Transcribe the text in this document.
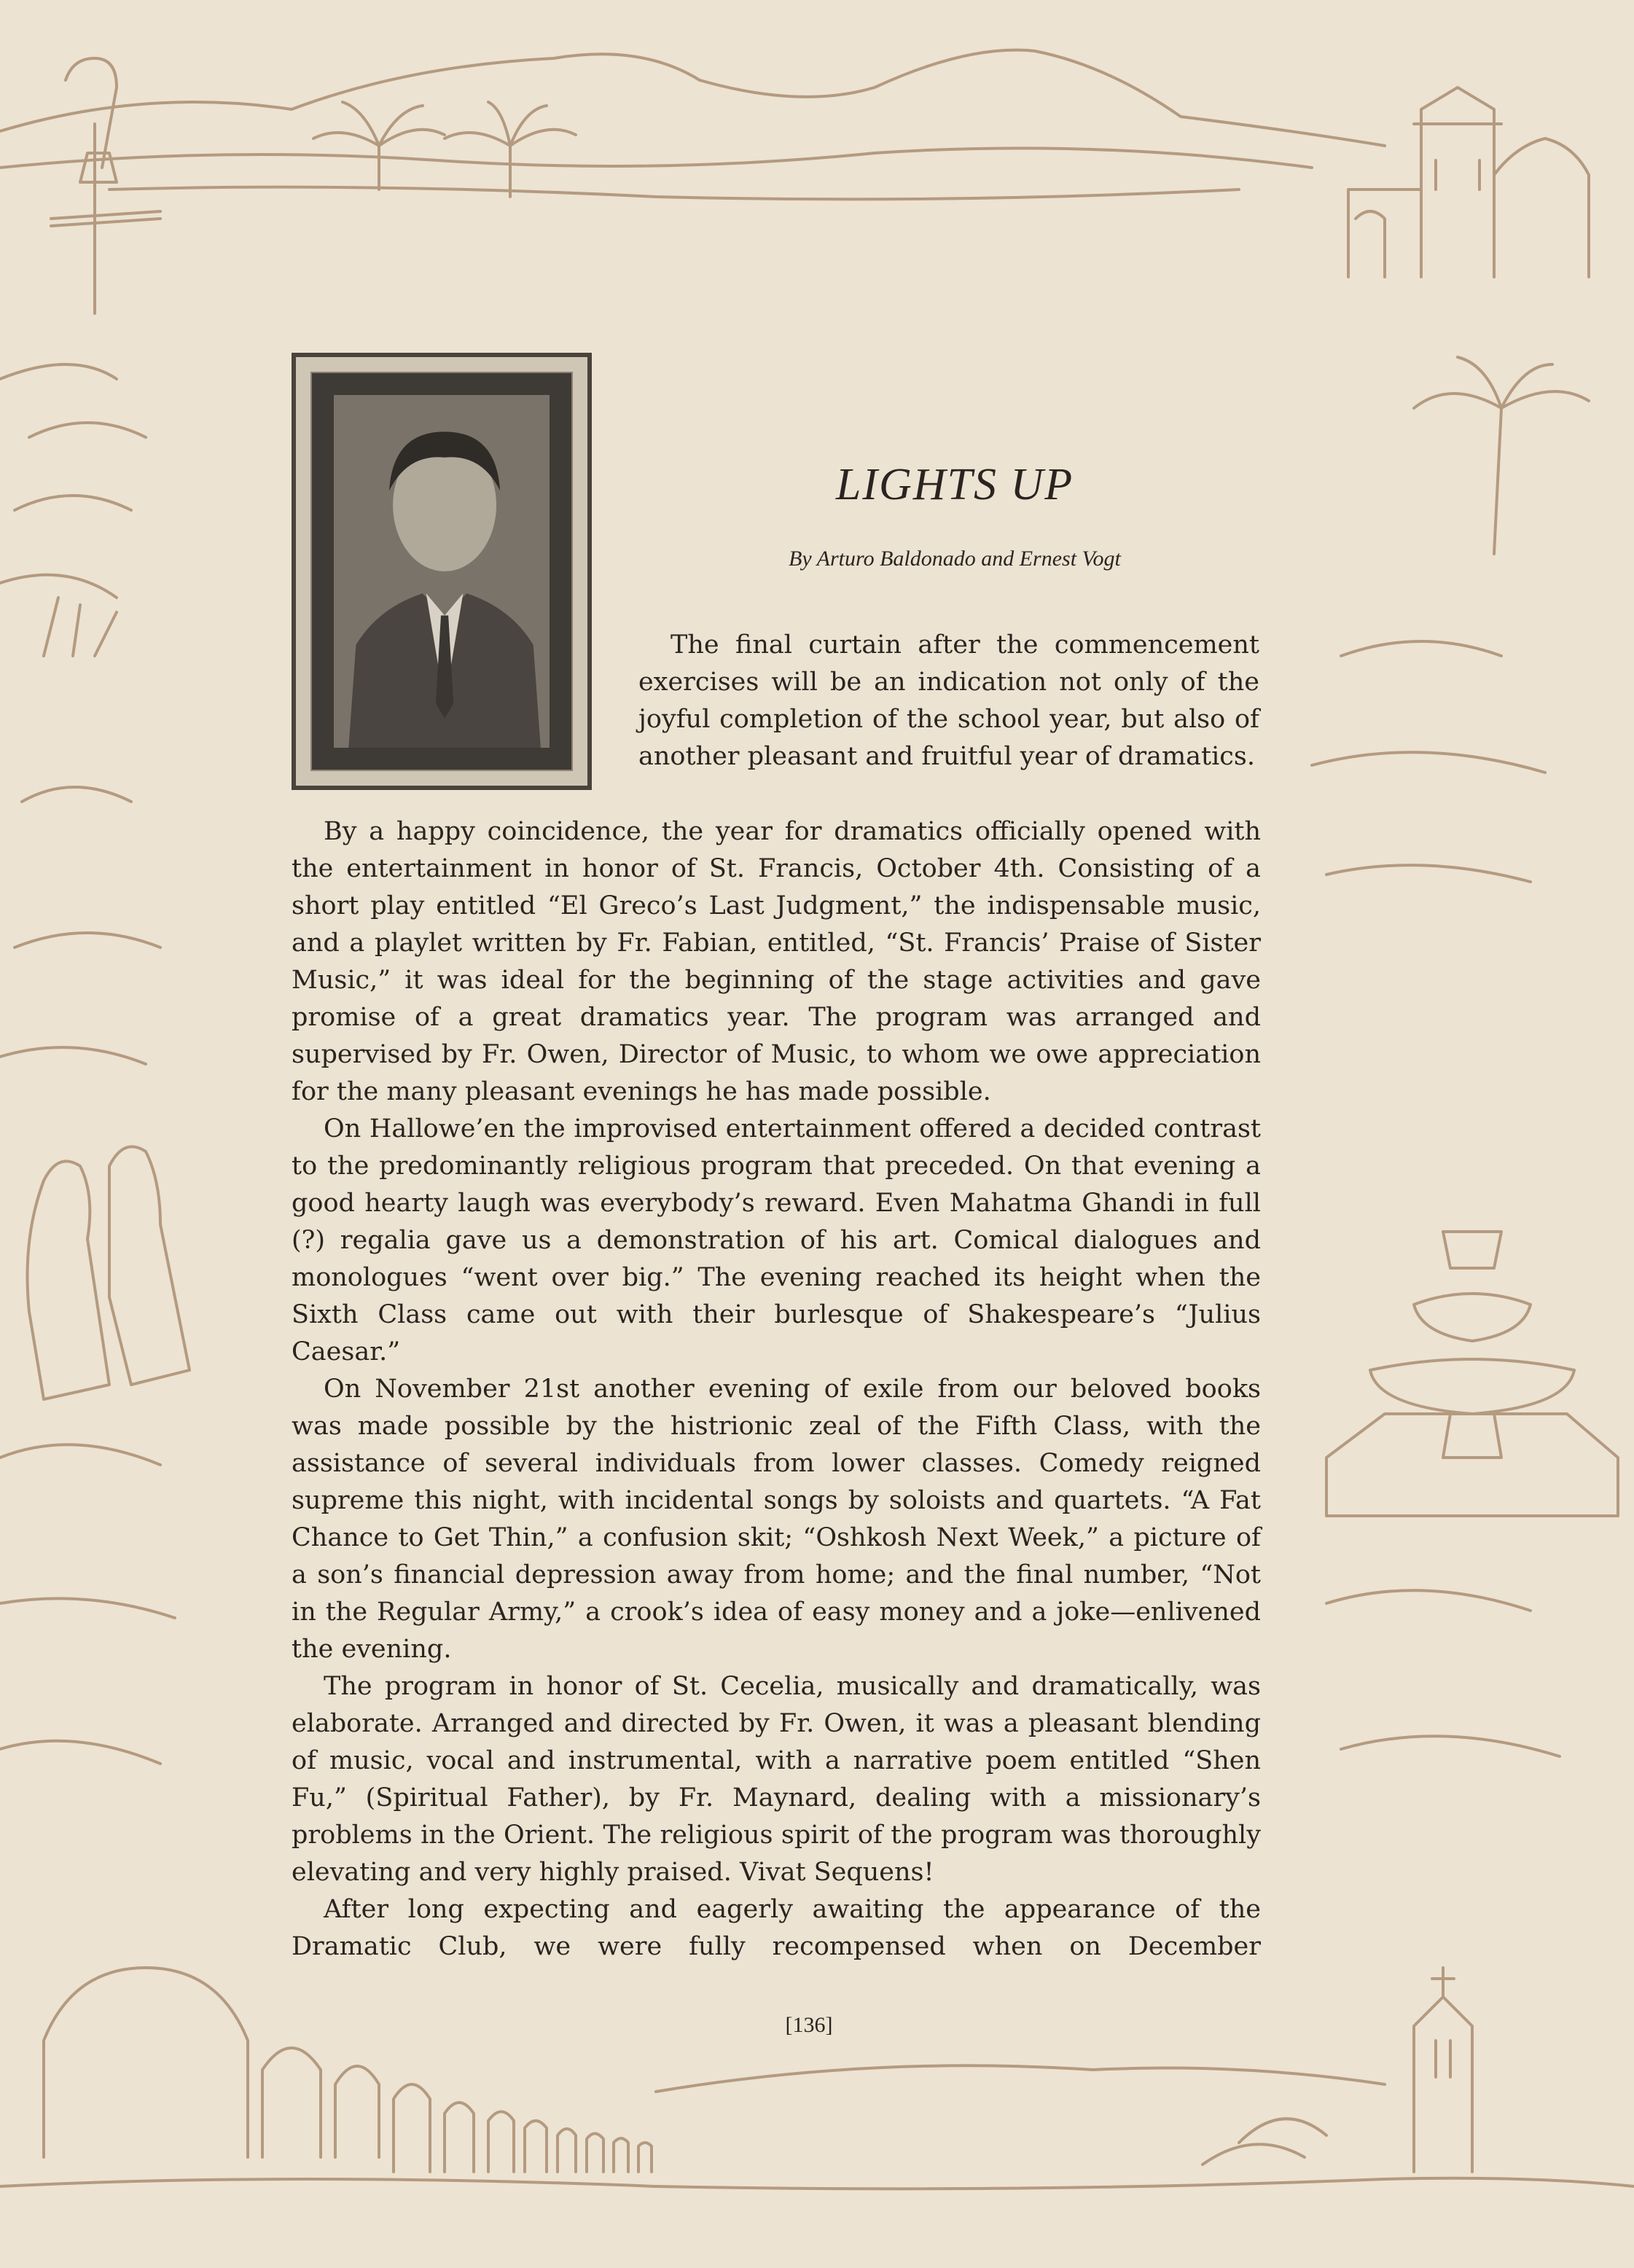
LIGHTS UP
By Arturo Baldonado and Ernest Vogt

The final curtain after the commencement exercises will be an indication not only of the joyful completion of the school year, but also of another pleasant and fruitful year of dramatics.

By a happy coincidence, the year for dramatics officially opened with the entertainment in honor of St. Francis, October 4th. Consisting of a short play entitled “El Greco’s Last Judgment,” the indispensable music, and a playlet written by Fr. Fabian, entitled, “St. Francis’ Praise of Sister Music,” it was ideal for the beginning of the stage activities and gave promise of a great dramatics year. The program was arranged and supervised by Fr. Owen, Director of Music, to whom we owe appreciation for the many pleasant evenings he has made possible.
On Hallowe’en the improvised entertainment offered a decided contrast to the predominantly religious program that preceded. On that evening a good hearty laugh was everybody’s reward. Even Mahatma Ghandi in full (?) regalia gave us a demonstration of his art. Comical dialogues and monologues “went over big.” The evening reached its height when the Sixth Class came out with their burlesque of Shakespeare’s “Julius Caesar.”
On November 21st another evening of exile from our beloved books was made possible by the histrionic zeal of the Fifth Class, with the assistance of several individuals from lower classes. Comedy reigned supreme this night, with incidental songs by soloists and quartets. “A Fat Chance to Get Thin,” a confusion skit; “Oshkosh Next Week,” a picture of a son’s financial depression away from home; and the final number, “Not in the Regular Army,” a crook’s idea of easy money and a joke—enlivened the evening.
The program in honor of St. Cecelia, musically and dramatically, was elaborate. Arranged and directed by Fr. Owen, it was a pleasant blending of music, vocal and instrumental, with a narrative poem entitled “Shen Fu,” (Spiritual Father), by Fr. Maynard, dealing with a missionary’s problems in the Orient. The religious spirit of the program was thoroughly elevating and very highly praised. Vivat Sequens!
After long expecting and eagerly awaiting the appearance of the Dramatic Club, we were fully recompensed when on December
[136]
